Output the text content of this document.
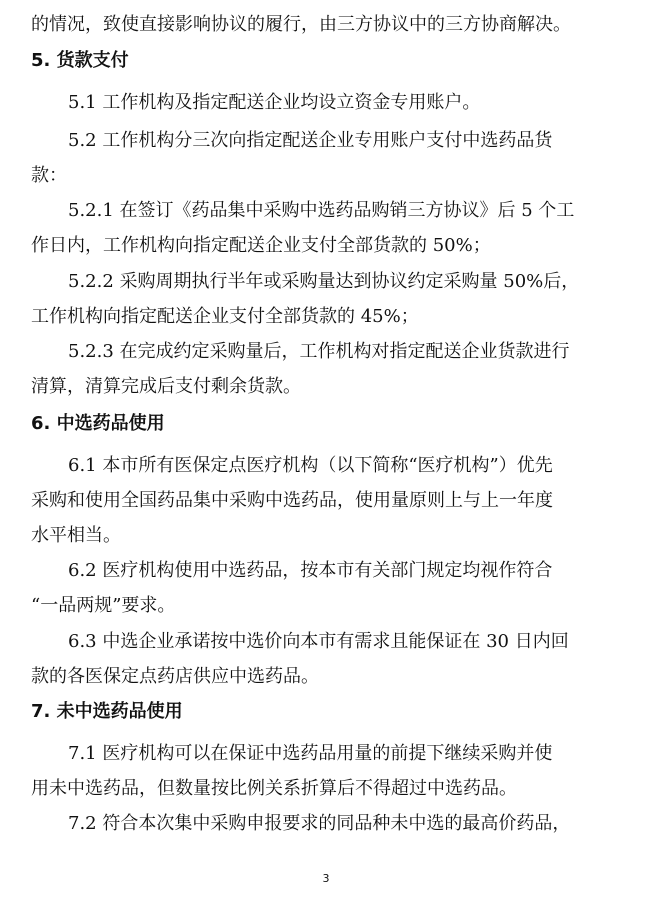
的情况，致使直接影响协议的履行，由三方协议中的三方协商解决。

5. 货款支付

5.1 工作机构及指定配送企业均设立资金专用账户。

5.2 工作机构分三次向指定配送企业专用账户支付中选药品货

款：

5.2.1 在签订《药品集中采购中选药品购销三方协议》后 5 个工

作日内，工作机构向指定配送企业支付全部货款的 50%；

5.2.2 采购周期执行半年或采购量达到协议约定采购量 50%后，

工作机构向指定配送企业支付全部货款的 45%；

5.2.3 在完成约定采购量后，工作机构对指定配送企业货款进行

清算，清算完成后支付剩余货款。

6. 中选药品使用

6.1 本市所有医保定点医疗机构（以下简称“医疗机构”）优先

采购和使用全国药品集中采购中选药品，使用量原则上与上一年度

水平相当。

6.2 医疗机构使用中选药品，按本市有关部门规定均视作符合

“一品两规”要求。

6.3 中选企业承诺按中选价向本市有需求且能保证在 30 日内回

款的各医保定点药店供应中选药品。

7. 未中选药品使用

7.1 医疗机构可以在保证中选药品用量的前提下继续采购并使

用未中选药品，但数量按比例关系折算后不得超过中选药品。

7.2 符合本次集中采购申报要求的同品种未中选的最高价药品，

3
